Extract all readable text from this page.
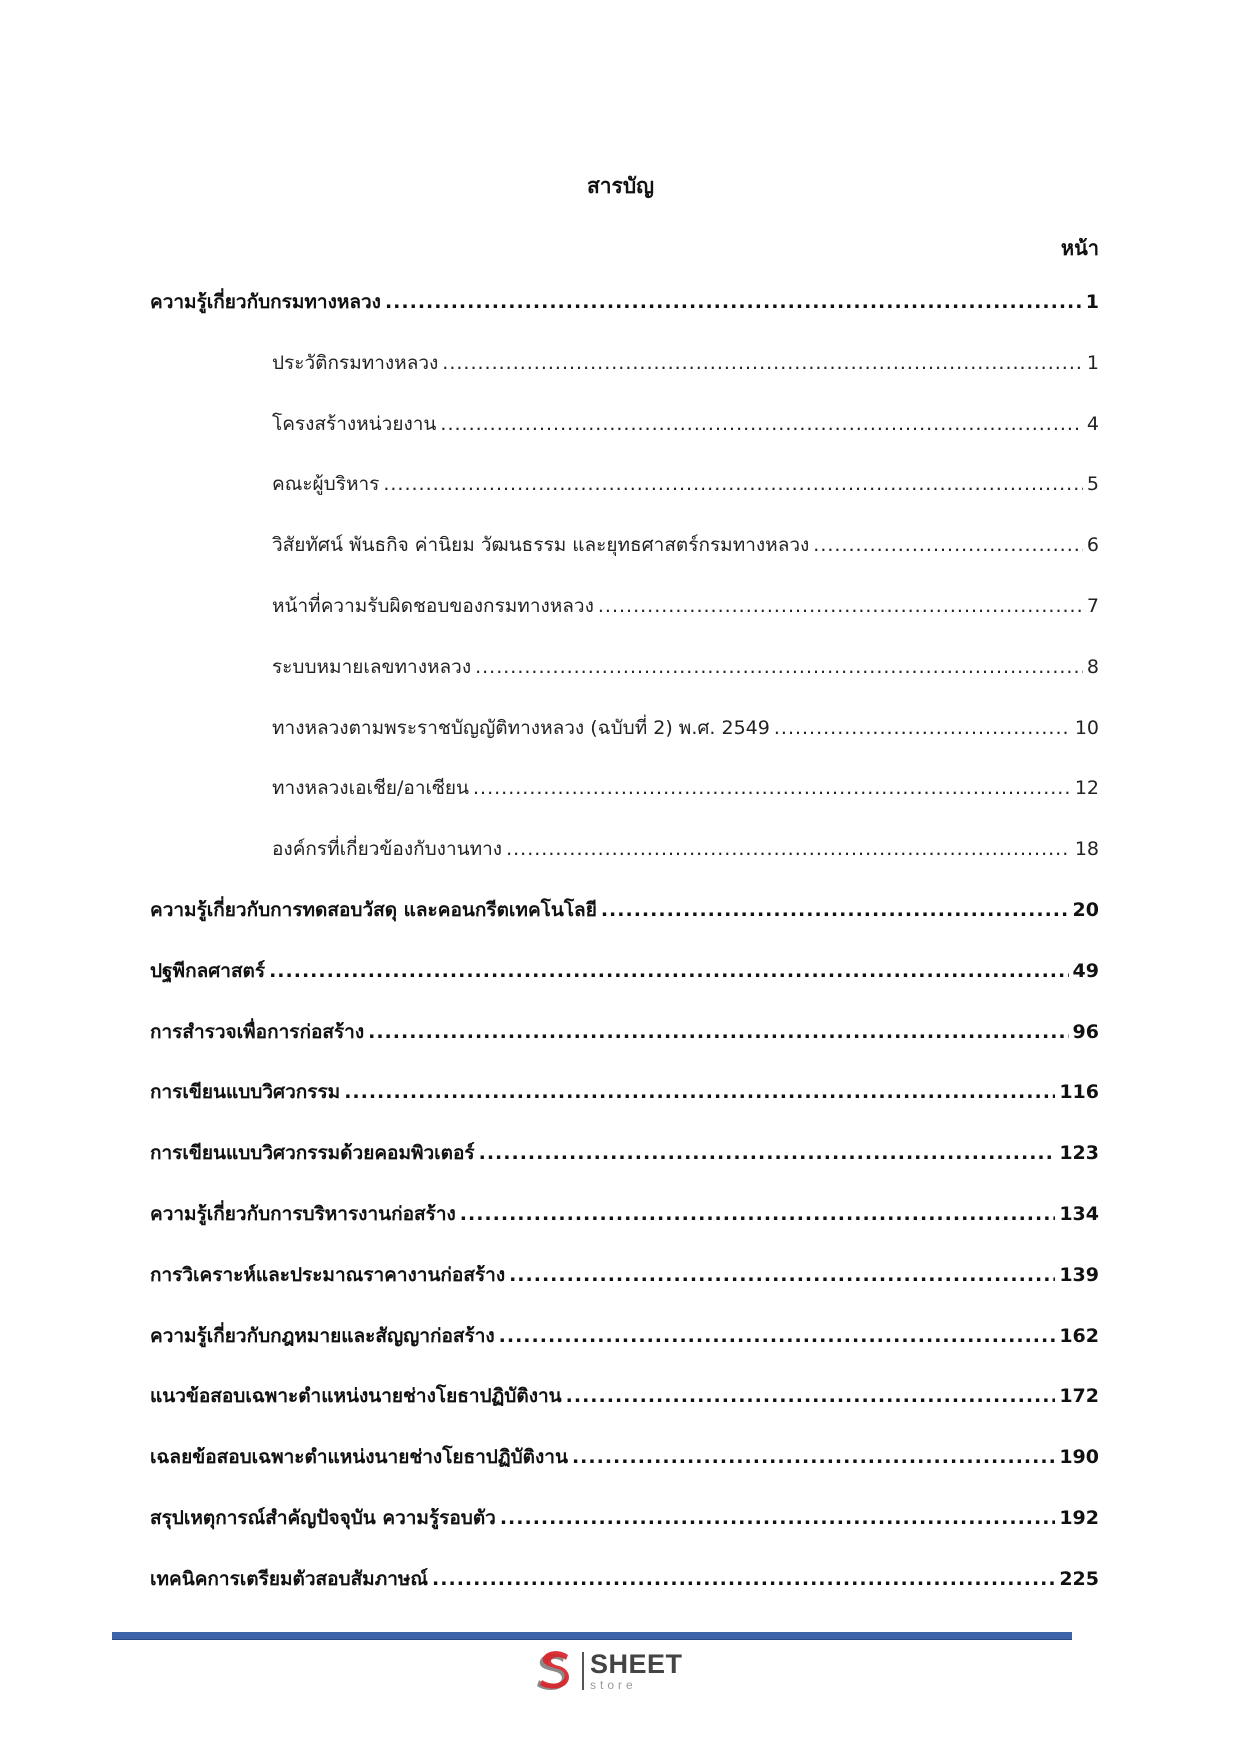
สารบัญ
หน้า
ความรู้เกี่ยวกับกรมทางหลวง .....	1
ประวัติกรมทางหลวง .....	1
โครงสร้างหน่วยงาน .....	4
คณะผู้บริหาร .....	5
วิสัยทัศน์ พันธกิจ ค่านิยม วัฒนธรรม และยุทธศาสตร์กรมทางหลวง .....	6
หน้าที่ความรับผิดชอบของกรมทางหลวง .....	7
ระบบหมายเลขทางหลวง .....	8
ทางหลวงตามพระราชบัญญัติทางหลวง (ฉบับที่ 2) พ.ศ. 2549 .....	10
ทางหลวงเอเชีย/อาเซียน .....	12
องค์กรที่เกี่ยวข้องกับงานทาง .....	18
ความรู้เกี่ยวกับการทดสอบวัสดุ และคอนกรีตเทคโนโลยี .....	20
ปฐพีกลศาสตร์ .....	49
การสำรวจเพื่อการก่อสร้าง .....	96
การเขียนแบบวิศวกรรม .....	116
การเขียนแบบวิศวกรรมด้วยคอมพิวเตอร์ .....	123
ความรู้เกี่ยวกับการบริหารงานก่อสร้าง .....	134
การวิเคราะห์และประมาณราคางานก่อสร้าง .....	139
ความรู้เกี่ยวกับกฎหมายและสัญญาก่อสร้าง .....	162
แนวข้อสอบเฉพาะตำแหน่งนายช่างโยธาปฏิบัติงาน .....	172
เฉลยข้อสอบเฉพาะตำแหน่งนายช่างโยธาปฏิบัติงาน .....	190
สรุปเหตุการณ์สำคัญปัจจุบัน ความรู้รอบตัว .....	192
เทคนิคการเตรียมตัวสอบสัมภาษณ์ .....	225
SHEET
store
